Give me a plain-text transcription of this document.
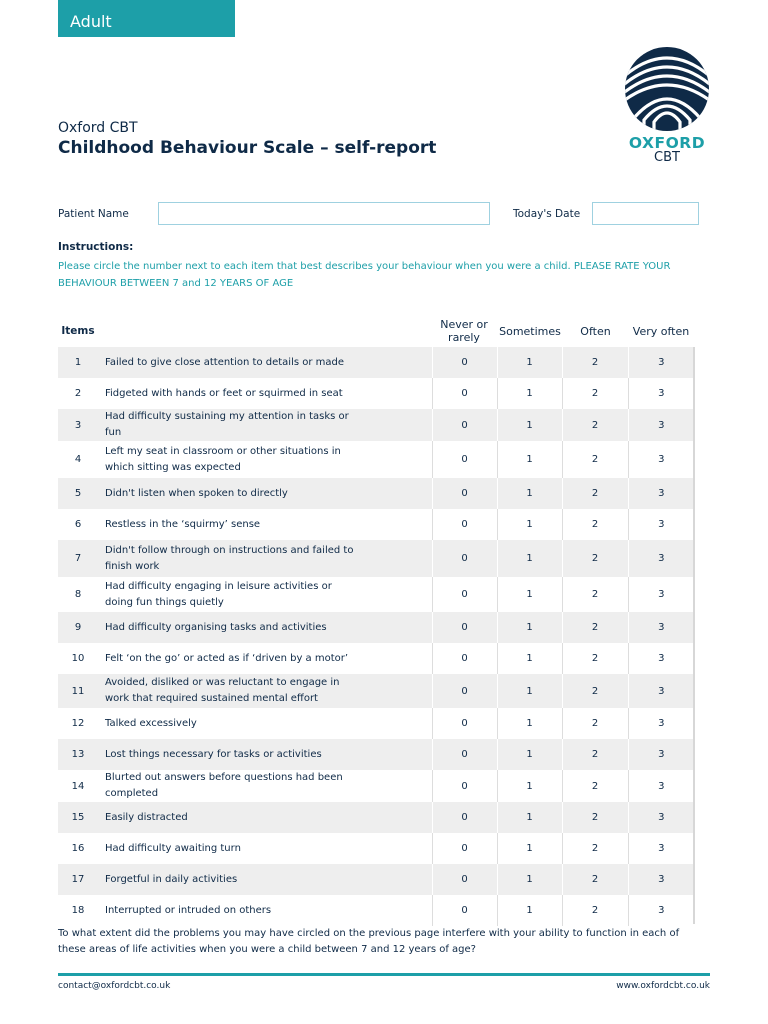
Adult
OXFORD
CBT
Oxford CBT
Childhood Behaviour Scale – self-report
Patient Name	Today's Date
Instructions:
Please circle the number next to each item that best describes your behaviour when you were a child. PLEASE RATE YOUR BEHAVIOUR BETWEEN 7 and 12 YEARS OF AGE
Items	Never or rarely	Sometimes	Often	Very often
1	Failed to give close attention to details or made	0	1	2	3
2	Fidgeted with hands or feet or squirmed in seat	0	1	2	3
3	Had difficulty sustaining my attention in tasks or fun	0	1	2	3
4	Left my seat in classroom or other situations in which sitting was expected	0	1	2	3
5	Didn't listen when spoken to directly	0	1	2	3
6	Restless in the ‘squirmy’ sense	0	1	2	3
7	Didn't follow through on instructions and failed to finish work	0	1	2	3
8	Had difficulty engaging in leisure activities or doing fun things quietly	0	1	2	3
9	Had difficulty organising tasks and activities	0	1	2	3
10	Felt ‘on the go’ or acted as if ‘driven by a motor’	0	1	2	3
11	Avoided, disliked or was reluctant to engage in work that required sustained mental effort	0	1	2	3
12	Talked excessively	0	1	2	3
13	Lost things necessary for tasks or activities	0	1	2	3
14	Blurted out answers before questions had been completed	0	1	2	3
15	Easily distracted	0	1	2	3
16	Had difficulty awaiting turn	0	1	2	3
17	Forgetful in daily activities	0	1	2	3
18	Interrupted or intruded on others	0	1	2	3
To what extent did the problems you may have circled on the previous page interfere with your ability to function in each of these areas of life activities when you were a child between 7 and 12 years of age?
contact@oxfordcbt.co.uk	www.oxfordcbt.co.uk
